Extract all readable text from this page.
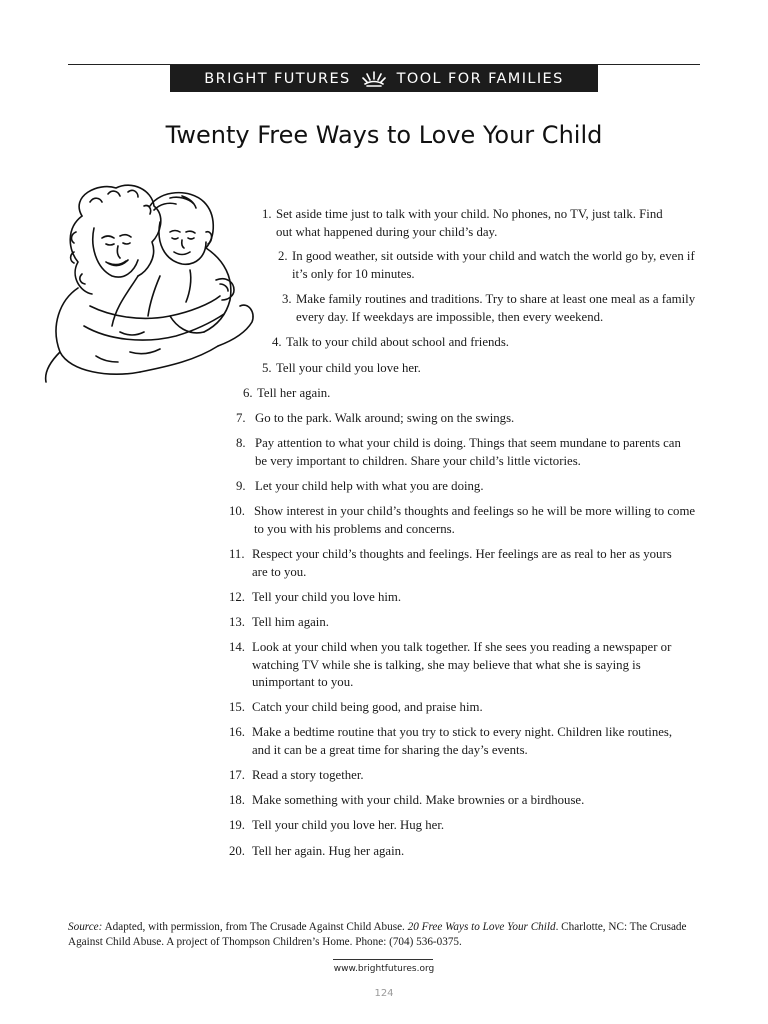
BRIGHT FUTURES	TOOL FOR FAMILIES
Twenty Free Ways to Love Your Child
1. Set aside time just to talk with your child. No phones, no TV, just talk. Find out what happened during your child’s day.
2. In good weather, sit outside with your child and watch the world go by, even if it’s only for 10 minutes.
3. Make family routines and traditions. Try to share at least one meal as a family every day. If weekdays are impossible, then every weekend.
4. Talk to your child about school and friends.
5. Tell your child you love her.
6. Tell her again.
7. Go to the park. Walk around; swing on the swings.
8. Pay attention to what your child is doing. Things that seem mundane to parents can be very important to children. Share your child’s little victories.
9. Let your child help with what you are doing.
10. Show interest in your child’s thoughts and feelings so he will be more willing to come to you with his problems and concerns.
11. Respect your child’s thoughts and feelings. Her feelings are as real to her as yours are to you.
12. Tell your child you love him.
13. Tell him again.
14. Look at your child when you talk together. If she sees you reading a newspaper or watching TV while she is talking, she may believe that what she is saying is unimportant to you.
15. Catch your child being good, and praise him.
16. Make a bedtime routine that you try to stick to every night. Children like routines, and it can be a great time for sharing the day’s events.
17. Read a story together.
18. Make something with your child. Make brownies or a birdhouse.
19. Tell your child you love her. Hug her.
20. Tell her again. Hug her again.
Source: Adapted, with permission, from The Crusade Against Child Abuse. 20 Free Ways to Love Your Child. Charlotte, NC: The Crusade Against Child Abuse. A project of Thompson Children’s Home. Phone: (704) 536-0375.
www.brightfutures.org
124
